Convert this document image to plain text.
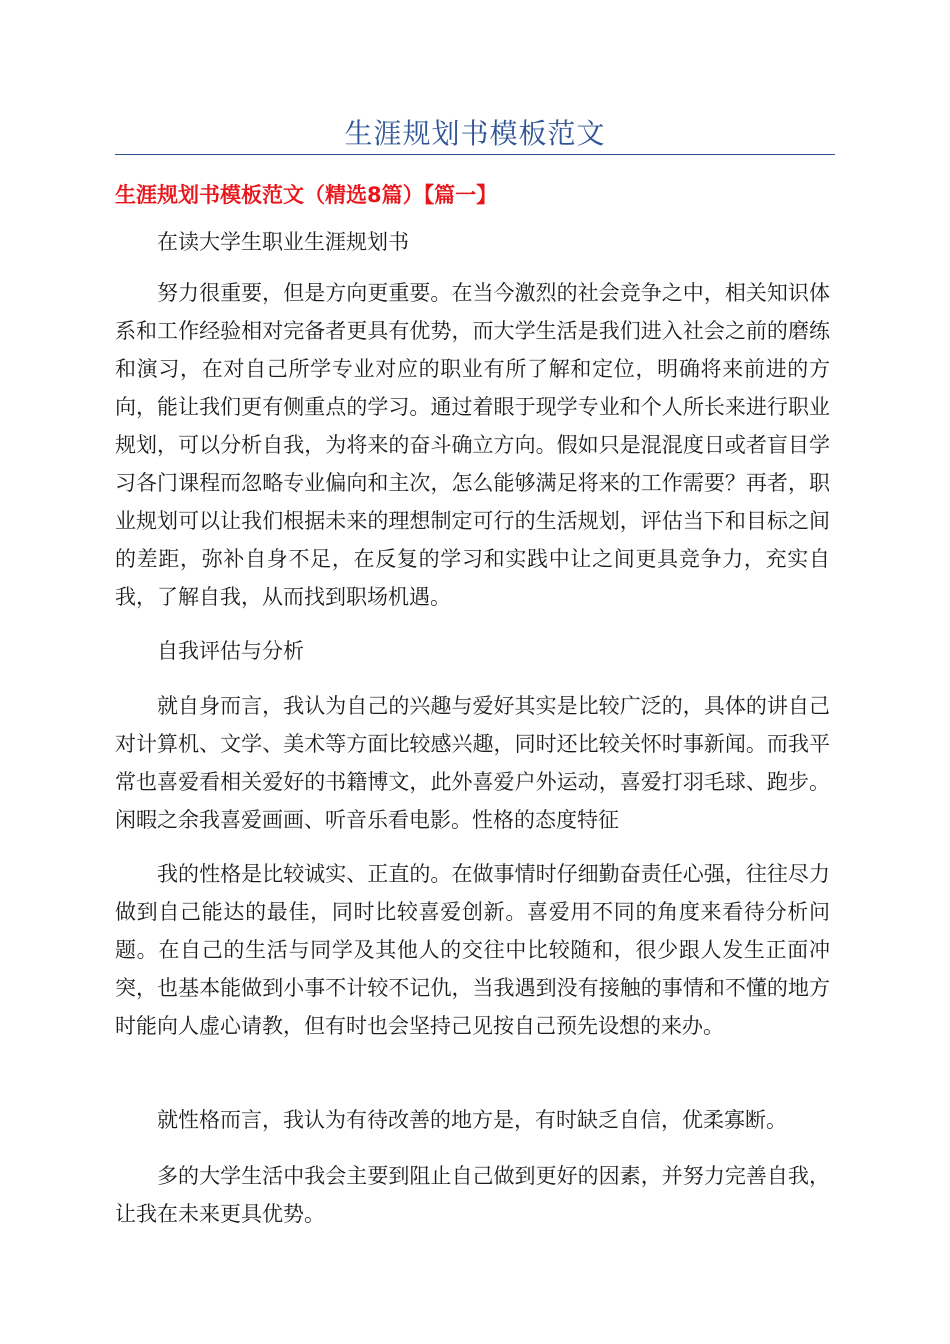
生涯规划书模板范文
生涯规划书模板范文（精选8篇）【篇一】

在读大学生职业生涯规划书

努力很重要，但是方向更重要。在当今激烈的社会竞争之中，相关知识体系和工作经验相对完备者更具有优势，而大学生活是我们进入社会之前的磨练和演习，在对自己所学专业对应的职业有所了解和定位，明确将来前进的方向，能让我们更有侧重点的学习。通过着眼于现学专业和个人所长来进行职业规划，可以分析自我，为将来的奋斗确立方向。假如只是混混度日或者盲目学习各门课程而忽略专业偏向和主次，怎么能够满足将来的工作需要？再者，职业规划可以让我们根据未来的理想制定可行的生活规划，评估当下和目标之间的差距，弥补自身不足，在反复的学习和实践中让之间更具竞争力，充实自我，了解自我，从而找到职场机遇。

自我评估与分析

就自身而言，我认为自己的兴趣与爱好其实是比较广泛的，具体的讲自己对计算机、文学、美术等方面比较感兴趣，同时还比较关怀时事新闻。而我平常也喜爱看相关爱好的书籍博文，此外喜爱户外运动，喜爱打羽毛球、跑步。闲暇之余我喜爱画画、听音乐看电影。性格的态度特征

我的性格是比较诚实、正直的。在做事情时仔细勤奋责任心强，往往尽力做到自己能达的最佳，同时比较喜爱创新。喜爱用不同的角度来看待分析问题。在自己的生活与同学及其他人的交往中比较随和，很少跟人发生正面冲突，也基本能做到小事不计较不记仇，当我遇到没有接触的事情和不懂的地方时能向人虚心请教，但有时也会坚持己见按自己预先设想的来办。

就性格而言，我认为有待改善的地方是，有时缺乏自信，优柔寡断。

多的大学生活中我会主要到阻止自己做到更好的因素，并努力完善自我，让我在未来更具优势。
